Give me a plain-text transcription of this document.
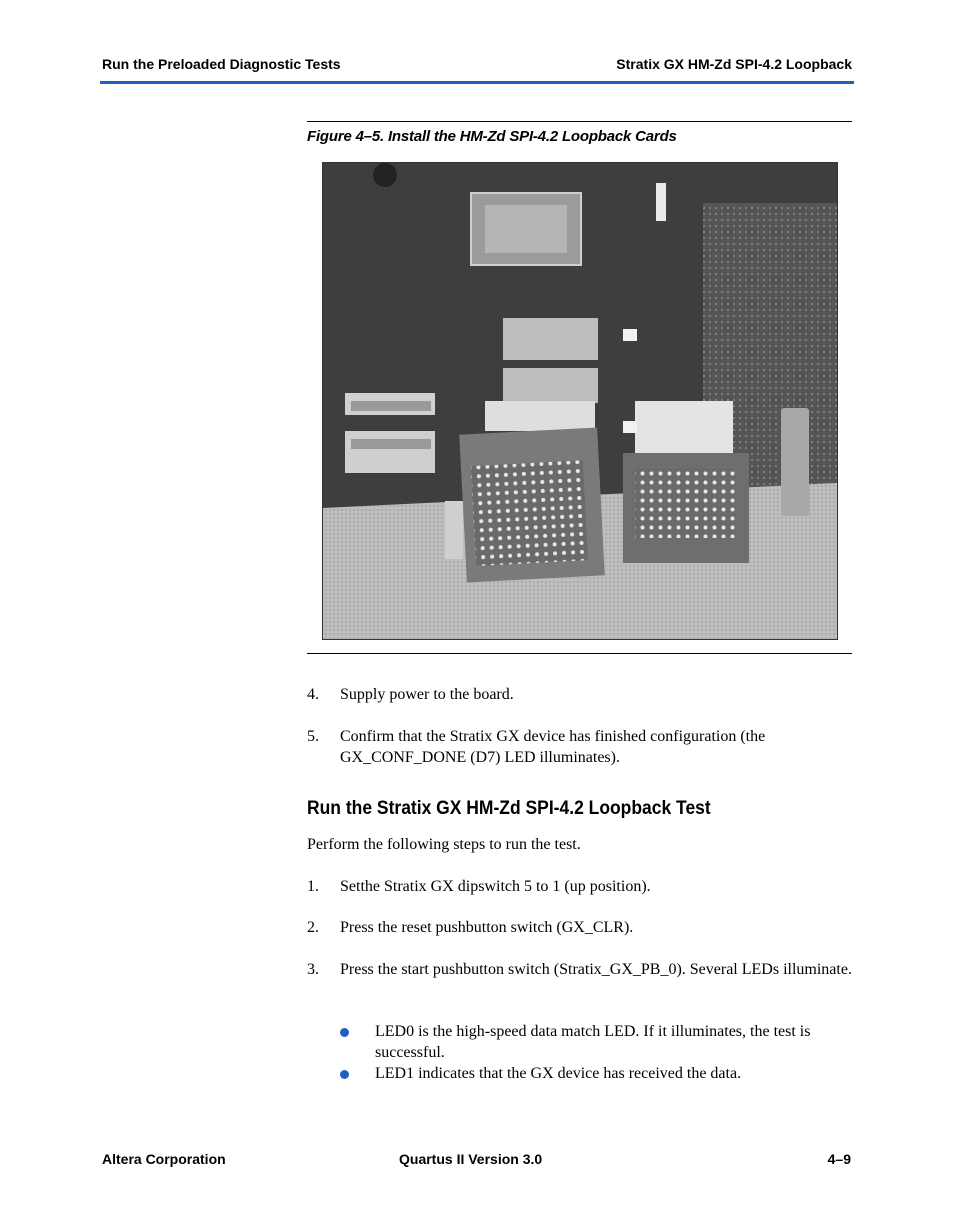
Run the Preloaded Diagnostic Tests	Stratix GX HM-Zd SPI-4.2 Loopback
Figure 4–5. Install the HM-Zd SPI-4.2 Loopback Cards
4. Supply power to the board.
5. Confirm that the Stratix GX device has finished configuration (the GX_CONF_DONE (D7) LED illuminates).
Run the Stratix GX HM-Zd SPI-4.2 Loopback Test
Perform the following steps to run the test.
1. Setthe Stratix GX dipswitch 5 to 1 (up position).
2. Press the reset pushbutton switch (GX_CLR).
3. Press the start pushbutton switch (Stratix_GX_PB_0). Several LEDs illuminate.
LED0 is the high-speed data match LED. If it illuminates, the test is successful.
LED1 indicates that the GX device has received the data.
Altera Corporation	Quartus II Version 3.0	4–9
